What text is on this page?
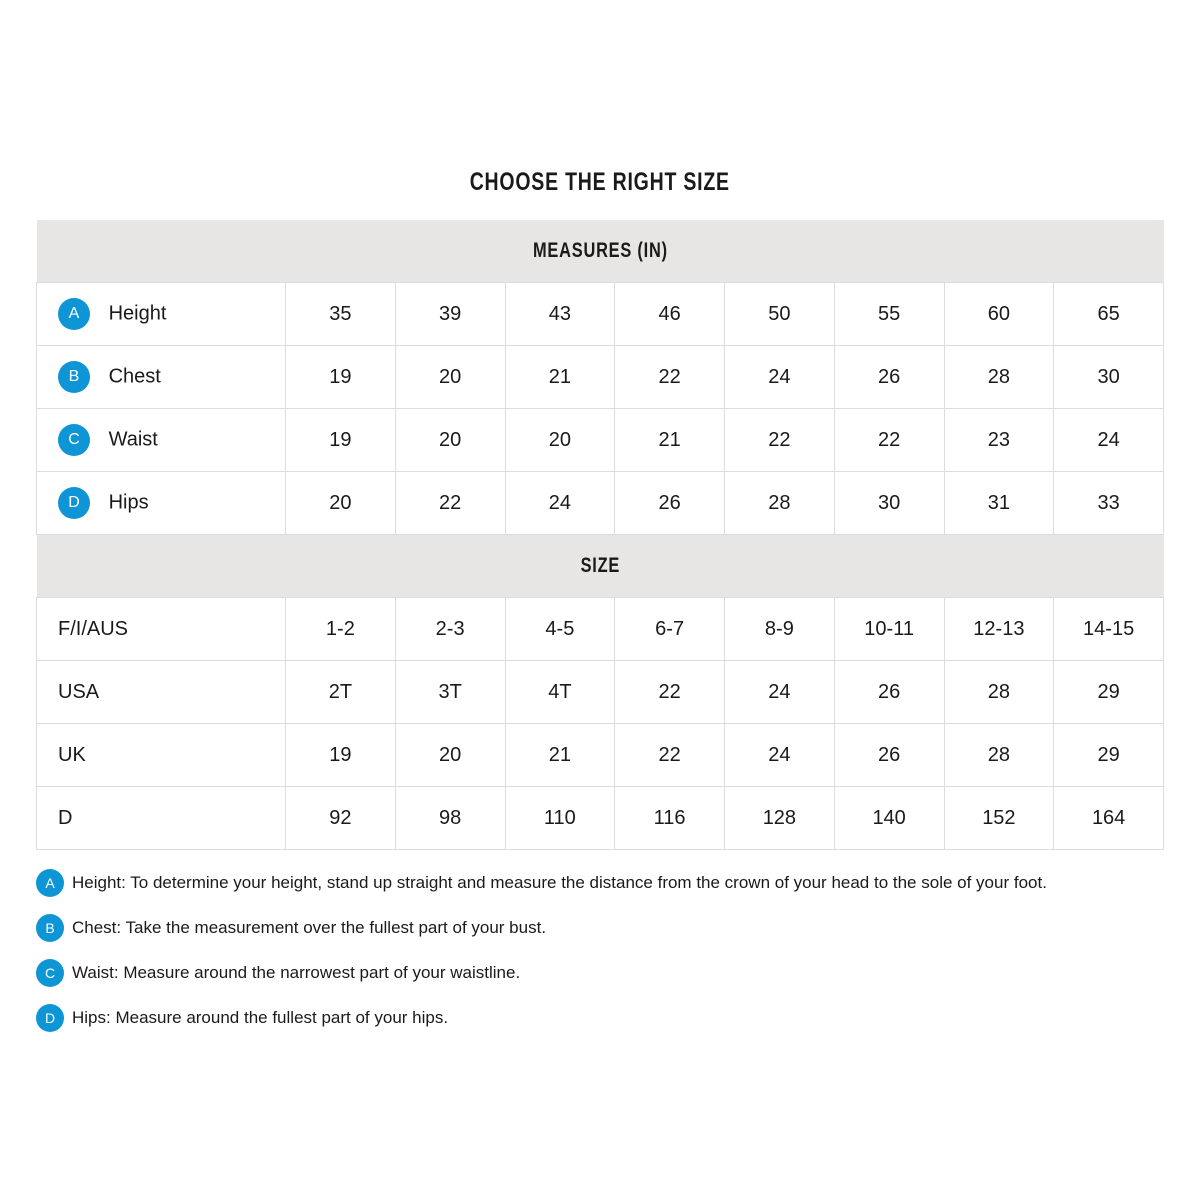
CHOOSE THE RIGHT SIZE
MEASURES (IN)								
A Height	35	39	43	46	50	55	60	65
B Chest	19	20	21	22	24	26	28	30
C Waist	19	20	20	21	22	22	23	24
D Hips	20	22	24	26	28	30	31	33
SIZE								
F/I/AUS	1-2	2-3	4-5	6-7	8-9	10-11	12-13	14-15
USA	2T	3T	4T	22	24	26	28	29
UK	19	20	21	22	24	26	28	29
D	92	98	110	116	128	140	152	164
A	Height: To determine your height, stand up straight and measure the distance from the crown of your head to the sole of your foot.
B	Chest: Take the measurement over the fullest part of your bust.
C Waist: Measure around the narrowest part of your waistline.
D Hips: Measure around the fullest part of your hips.
